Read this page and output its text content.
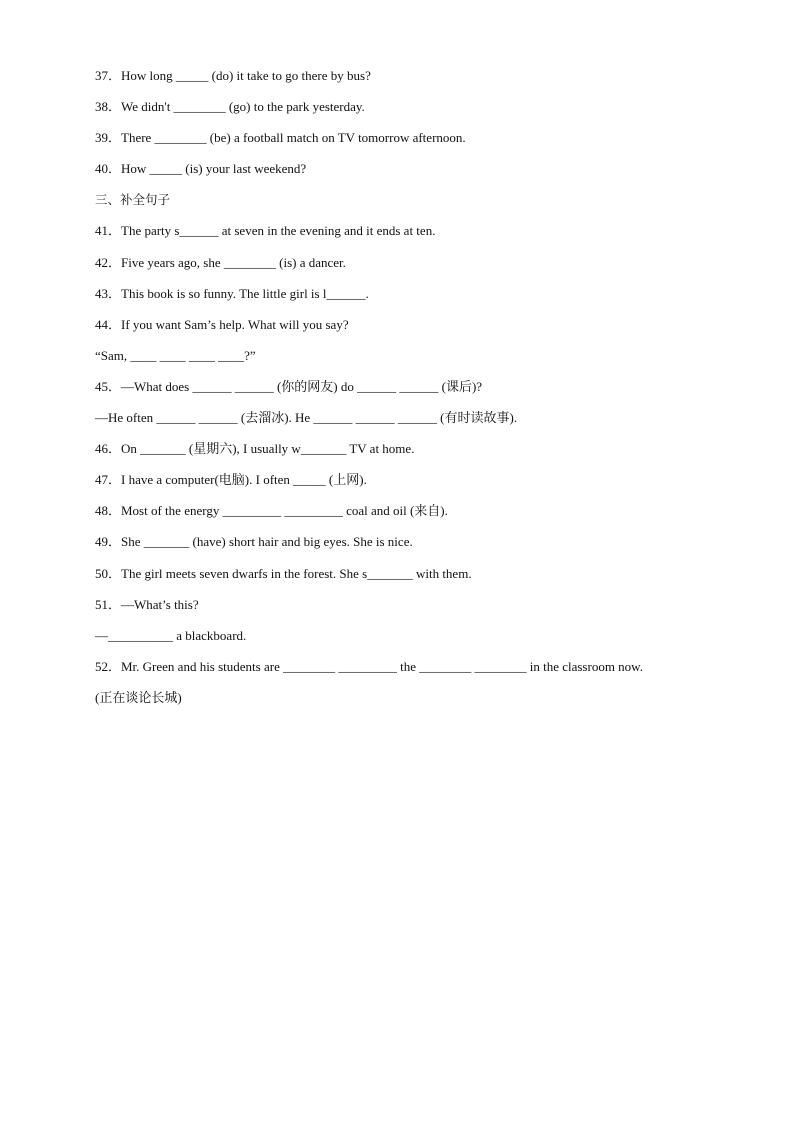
37．How long _____ (do) it take to go there by bus?
38．We didn't ________ (go) to the park yesterday.
39．There ________ (be) a football match on TV tomorrow afternoon.
40．How _____ (is) your last weekend?
三、补全句子
41．The party s______ at seven in the evening and it ends at ten.
42．Five years ago, she ________ (is) a dancer.
43．This book is so funny. The little girl is l______.
44．If you want Sam’s help. What will you say?
“Sam, ____ ____ ____ ____?”
45．—What does ______ ______ (你的网友) do ______ ______ (课后)?
—He often ______ ______ (去溜冰). He ______ ______ ______ (有时读故事).
46．On _______ (星期六), I usually w_______ TV at home.
47．I have a computer(电脑). I often _____ (上网).
48．Most of the energy _________ _________ coal and oil (来自).
49．She _______ (have) short hair and big eyes. She is nice.
50．The girl meets seven dwarfs in the forest. She s_______ with them.
51．—What’s this?
—__________ a blackboard.
52．Mr. Green and his students are ________ _________ the ________ ________ in the classroom now.
(正在谈论长城)
